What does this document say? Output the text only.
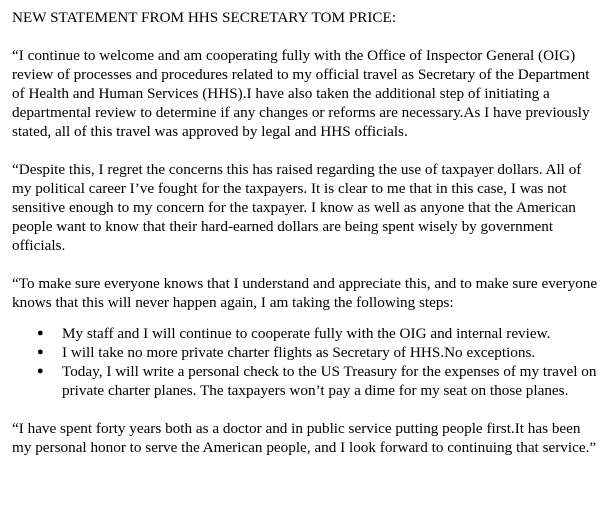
NEW STATEMENT FROM HHS SECRETARY TOM PRICE:
“I continue to welcome and am cooperating fully with the Office of Inspector General (OIG) review of processes and procedures related to my official travel as Secretary of the Department of Health and Human Services (HHS).I have also taken the additional step of initiating a departmental review to determine if any changes or reforms are necessary.As I have previously stated, all of this travel was approved by legal and HHS officials.
“Despite this, I regret the concerns this has raised regarding the use of taxpayer dollars. All of my political career I’ve fought for the taxpayers. It is clear to me that in this case, I was not sensitive enough to my concern for the taxpayer. I know as well as anyone that the American people want to know that their hard-earned dollars are being spent wisely by government officials.
“To make sure everyone knows that I understand and appreciate this, and to make sure everyone knows that this will never happen again, I am taking the following steps:
● My staff and I will continue to cooperate fully with the OIG and internal review.
● I will take no more private charter flights as Secretary of HHS.No exceptions.
● Today, I will write a personal check to the US Treasury for the expenses of my travel on private charter planes. The taxpayers won’t pay a dime for my seat on those planes.
“I have spent forty years both as a doctor and in public service putting people first.It has been my personal honor to serve the American people, and I look forward to continuing that service.”
